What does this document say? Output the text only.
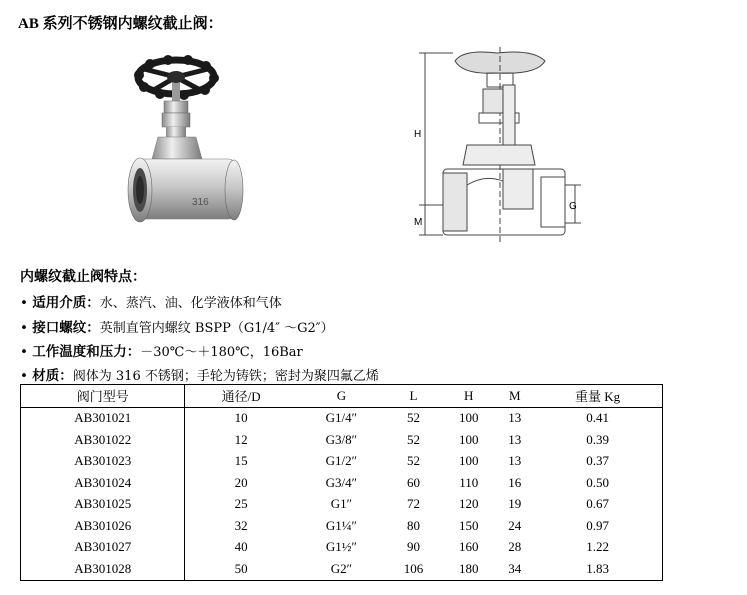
AB 系列不锈钢内螺纹截止阀：
316
H
M
G
内螺纹截止阀特点：
• 适用介质：水、蒸汽、油、化学液体和气体
• 接口螺纹：英制直管内螺纹 BSPP（G1/4″ ～G2″）
• 工作温度和压力：－30℃～＋180℃，16Bar
• 材质：阀体为 316 不锈钢；手轮为铸铁；密封为聚四氟乙烯
阀门型号	通径/D	G	L	H	M	重量 Kg
AB301021	10	G1/4″	52	100	13	0.41
AB301022	12	G3/8″	52	100	13	0.39
AB301023	15	G1/2″	52	100	13	0.37
AB301024	20	G3/4″	60	110	16	0.50
AB301025	25	G1″	72	120	19	0.67
AB301026	32	G1¼″	80	150	24	0.97
AB301027	40	G1½″	90	160	28	1.22
AB301028	50	G2″	106	180	34	1.83
